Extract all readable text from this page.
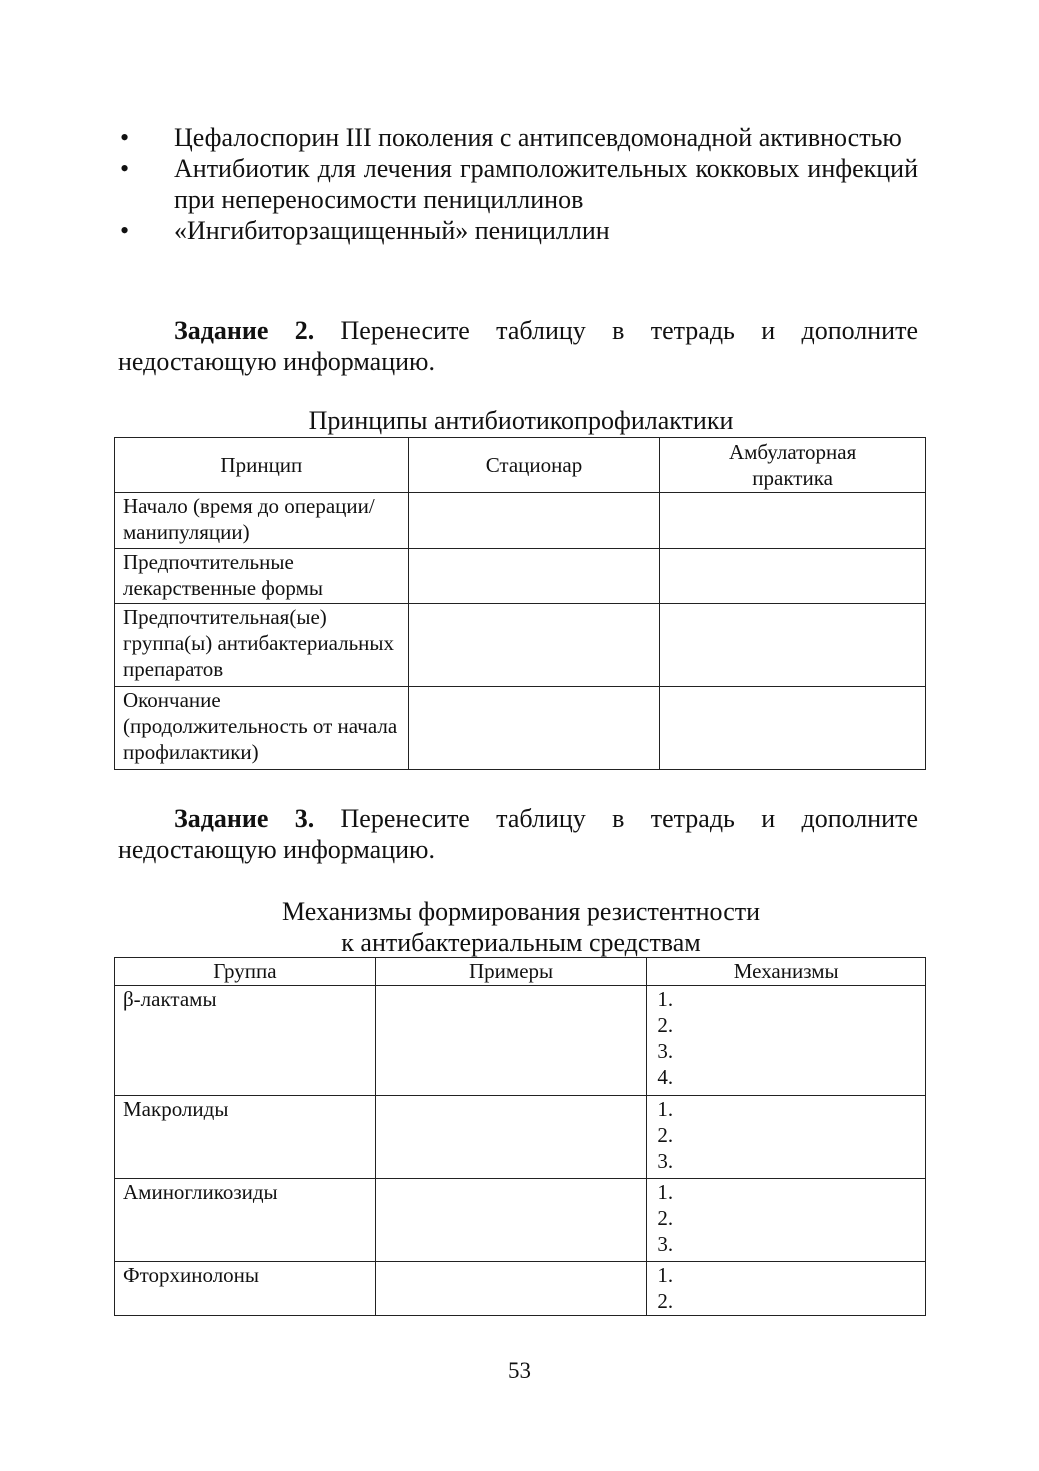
• Цефалоспорин III поколения с антипсевдомонадной активностью
• Антибиотик для лечения грамположительных кокковых инфекций при непереносимости пенициллинов
• «Ингибиторзащищенный» пенициллин
Задание 2. Перенесите таблицу в тетрадь и дополните недостающую информацию.
Принципы антибиотикопрофилактики
Принцип	Стационар	Амбулаторная практика
Начало (время до операции/манипуляции)		
Предпочтительные лекарственные формы		
Предпочтительная(ые) группа(ы) антибактериальных препаратов		
Окончание (продолжительность от начала профилактики)		
Задание 3. Перенесите таблицу в тетрадь и дополните недостающую информацию.
Механизмы формирования резистентности
к антибактериальным средствам
Группа	Примеры	Механизмы
β-лактамы		1.
2.
3.
4.

Макролиды		1.
2.
3.

Аминогликозиды		1.
2.
3.

Фторхинолоны		1.
2.
53
